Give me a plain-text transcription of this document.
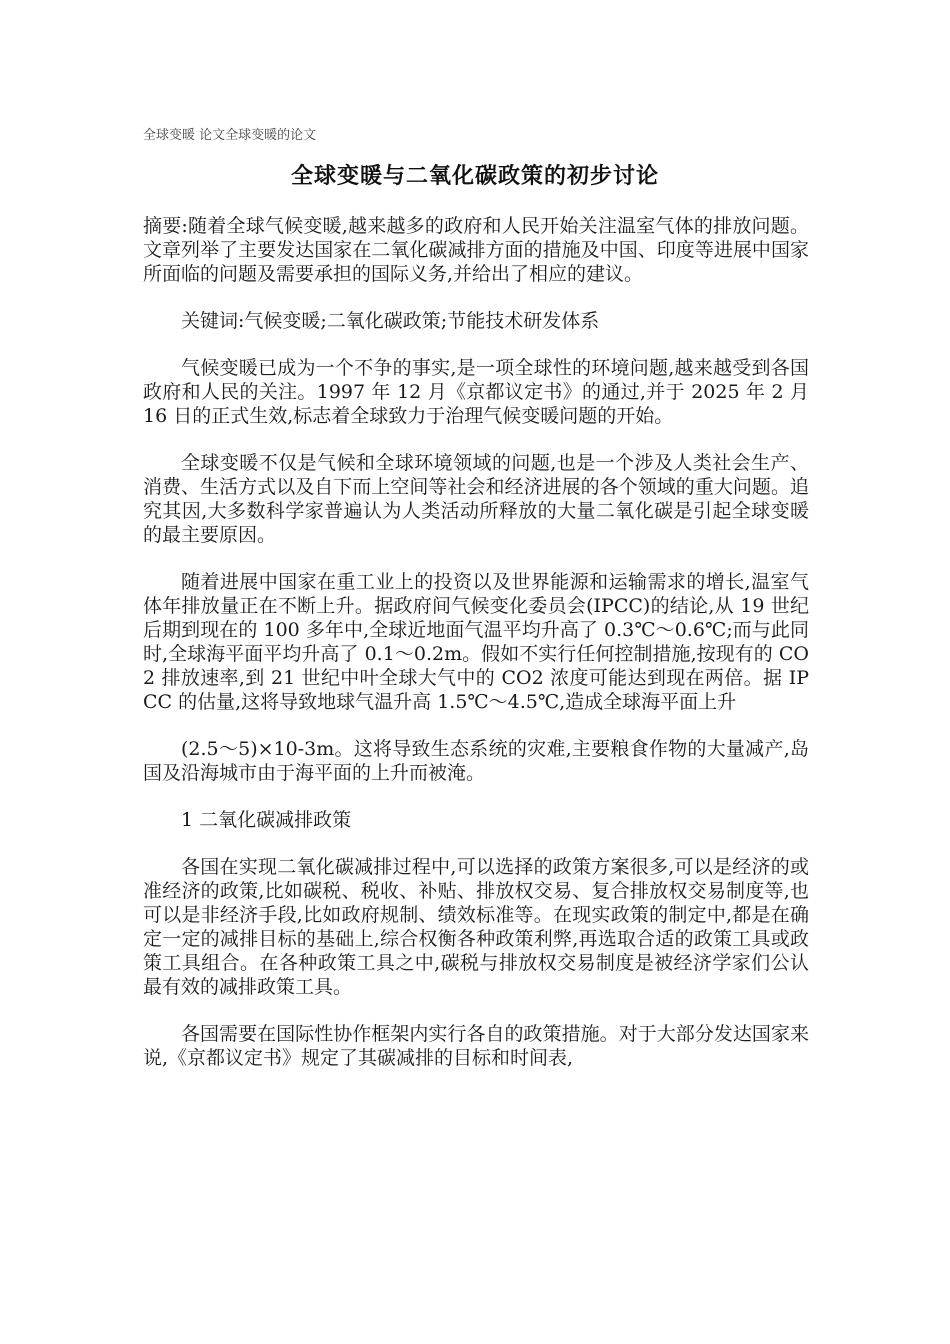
全球变暖 论文全球变暖的论文
全球变暖与二氧化碳政策的初步讨论

摘要:随着全球气候变暖,越来越多的政府和人民开始关注温室气体的排放问题。文章列举了主要发达国家在二氧化碳减排方面的措施及中国、印度等进展中国家所面临的问题及需要承担的国际义务,并给出了相应的建议。

关键词:气候变暖;二氧化碳政策;节能技术研发体系

气候变暖已成为一个不争的事实,是一项全球性的环境问题,越来越受到各国政府和人民的关注。1997 年 12 月《京都议定书》的通过,并于 2025 年 2 月 16 日的正式生效,标志着全球致力于治理气候变暖问题的开始。

全球变暖不仅是气候和全球环境领域的问题,也是一个涉及人类社会生产、消费、生活方式以及自下而上空间等社会和经济进展的各个领域的重大问题。追究其因,大多数科学家普遍认为人类活动所释放的大量二氧化碳是引起全球变暖的最主要原因。

随着进展中国家在重工业上的投资以及世界能源和运输需求的增长,温室气体年排放量正在不断上升。据政府间气候变化委员会(IPCC)的结论,从 19 世纪后期到现在的 100 多年中,全球近地面气温平均升高了 0.3℃～0.6℃;而与此同时,全球海平面平均升高了 0.1～0.2m。假如不实行任何控制措施,按现有的 CO2 排放速率,到 21 世纪中叶全球大气中的 CO2 浓度可能达到现在两倍。据 IPCC 的估量,这将导致地球气温升高 1.5℃～4.5℃,造成全球海平面上升

(2.5～5)×10-3m。这将导致生态系统的灾难,主要粮食作物的大量减产,岛国及沿海城市由于海平面的上升而被淹。

1 二氧化碳减排政策

各国在实现二氧化碳减排过程中,可以选择的政策方案很多,可以是经济的或准经济的政策,比如碳税、税收、补贴、排放权交易、复合排放权交易制度等,也可以是非经济手段,比如政府规制、绩效标准等。在现实政策的制定中,都是在确定一定的减排目标的基础上,综合权衡各种政策利弊,再选取合适的政策工具或政策工具组合。在各种政策工具之中,碳税与排放权交易制度是被经济学家们公认最有效的减排政策工具。

各国需要在国际性协作框架内实行各自的政策措施。对于大部分发达国家来说,《京都议定书》规定了其碳减排的目标和时间表,
